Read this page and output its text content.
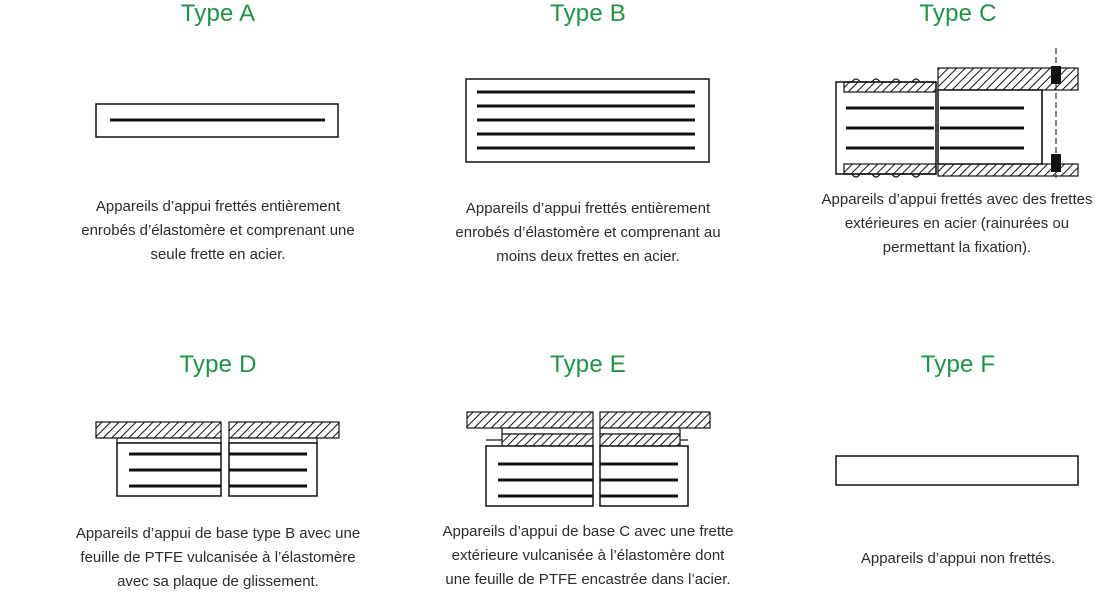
Type A
Appareils d’appui frettés entièrement
enrobés d’élastomère et comprenant une
seule frette en acier.
Type B
Appareils d’appui frettés entièrement
enrobés d’élastomère et comprenant au
moins deux frettes en acier.
Type C
Appareils d’appui frettés avec des frettes
extérieures en acier (rainurées ou
permettant la fixation).
Type D
Appareils d’appui de base type B avec une
feuille de PTFE vulcanisée à l’élastomère
avec sa plaque de glissement.
Type E
Appareils d’appui de base C avec une frette
extérieure vulcanisée à l’élastomère dont
une feuille de PTFE encastrée dans l’acier.
Type F
Appareils d’appui non frettés.
